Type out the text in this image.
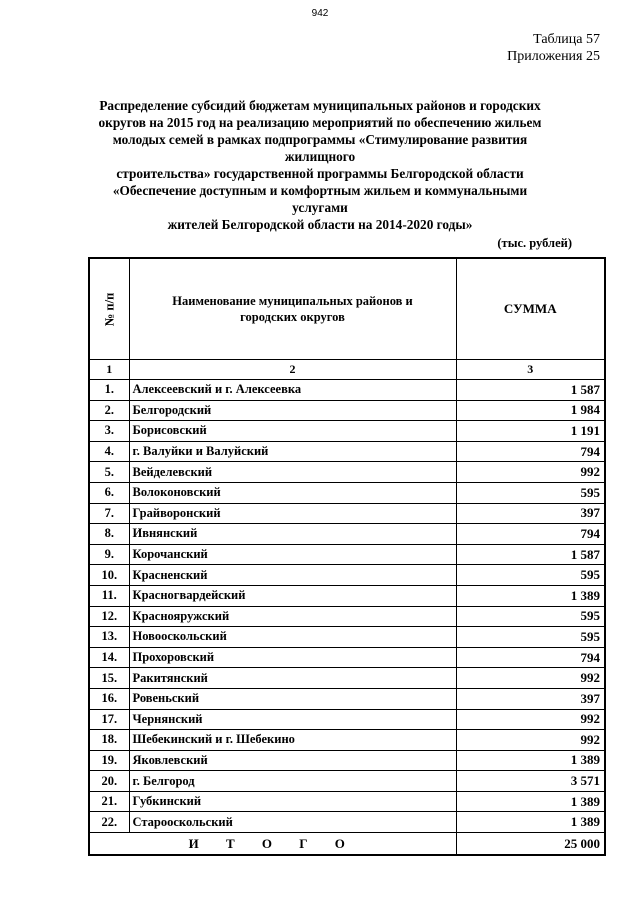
942
Таблица 57
Приложения 25
Распределение субсидий бюджетам муниципальных районов и городских
округов на 2015 год на реализацию мероприятий по обеспечению жильем
молодых семей в рамках подпрограммы «Стимулирование развития жилищного
строительства» государственной программы Белгородской области
«Обеспечение доступным и комфортным жильем и коммунальными услугами
жителей Белгородской области на 2014-2020 годы»
(тыс. рублей)
№ п/п	Наименование муниципальных районов и городских округов	СУММА
1	2	3
1.	Алексеевский и г. Алексеевка	1 587
2.	Белгородский	1 984
3.	Борисовский	1 191
4.	г. Валуйки и Валуйский	794
5.	Вейделевский	992
6.	Волоконовский	595
7.	Грайворонский	397
8.	Ивнянский	794
9.	Корочанский	1 587
10.	Красненский	595
11.	Красногвардейский	1 389
12.	Краснояружский	595
13.	Новооскольский	595
14.	Прохоровский	794
15.	Ракитянский	992
16.	Ровеньский	397
17.	Чернянский	992
18.	Шебекинский и г. Шебекино	992
19.	Яковлевский	1 389
20.	г. Белгород	3 571
21.	Губкинский	1 389
22.	Старооскольский	1 389
И Т О Г О		25 000
